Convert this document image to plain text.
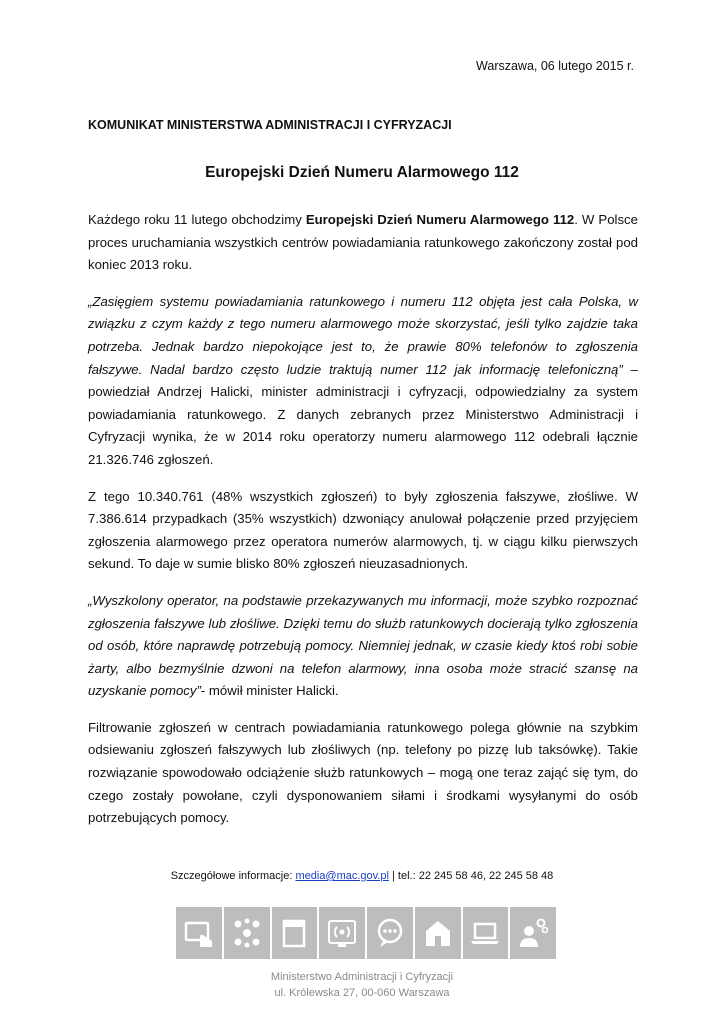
Warszawa, 06 lutego 2015 r.
KOMUNIKAT MINISTERSTWA ADMINISTRACJI I CYFRYZACJI
Europejski Dzień Numeru Alarmowego 112

Każdego roku 11 lutego obchodzimy Europejski Dzień Numeru Alarmowego 112. W Polsce proces uruchamiania wszystkich centrów powiadamiania ratunkowego zakończony został pod koniec 2013 roku.

„Zasięgiem systemu powiadamiania ratunkowego i numeru 112 objęta jest cała Polska, w związku z czym każdy z tego numeru alarmowego może skorzystać, jeśli tylko zajdzie taka potrzeba. Jednak bardzo niepokojące jest to, że prawie 80% telefonów to zgłoszenia fałszywe. Nadal bardzo często ludzie traktują numer 112 jak informację telefoniczną” – powiedział Andrzej Halicki, minister administracji i cyfryzacji, odpowiedzialny za system powiadamiania ratunkowego. Z danych zebranych przez Ministerstwo Administracji i Cyfryzacji wynika, że w 2014 roku operatorzy numeru alarmowego 112 odebrali łącznie 21.326.746 zgłoszeń.

Z tego 10.340.761 (48% wszystkich zgłoszeń) to były zgłoszenia fałszywe, złośliwe. W 7.386.614 przypadkach (35% wszystkich) dzwoniący anulował połączenie przed przyjęciem zgłoszenia alarmowego przez operatora numerów alarmowych, tj. w ciągu kilku pierwszych sekund. To daje w sumie blisko 80% zgłoszeń nieuzasadnionych.

„Wyszkolony operator, na podstawie przekazywanych mu informacji, może szybko rozpoznać zgłoszenia fałszywe lub złośliwe. Dzięki temu do służb ratunkowych docierają tylko zgłoszenia od osób, które naprawdę potrzebują pomocy. Niemniej jednak, w czasie kiedy ktoś robi sobie żarty, albo bezmyślnie dzwoni na telefon alarmowy, inna osoba może stracić szansę na uzyskanie pomocy”- mówił minister Halicki.

Filtrowanie zgłoszeń w centrach powiadamiania ratunkowego polega głównie na szybkim odsiewaniu zgłoszeń fałszywych lub złośliwych (np. telefony po pizzę lub taksówkę). Takie rozwiązanie spowodowało odciążenie służb ratunkowych – mogą one teraz zająć się tym, do czego zostały powołane, czyli dysponowaniem siłami i środkami wysyłanymi do osób potrzebujących pomocy.

Szczegółowe informacje: media@mac.gov.pl | tel.: 22 245 58 46, 22 245 58 48
Ministerstwo Administracji i Cyfryzacji
ul. Królewska 27, 00-060 Warszawa
